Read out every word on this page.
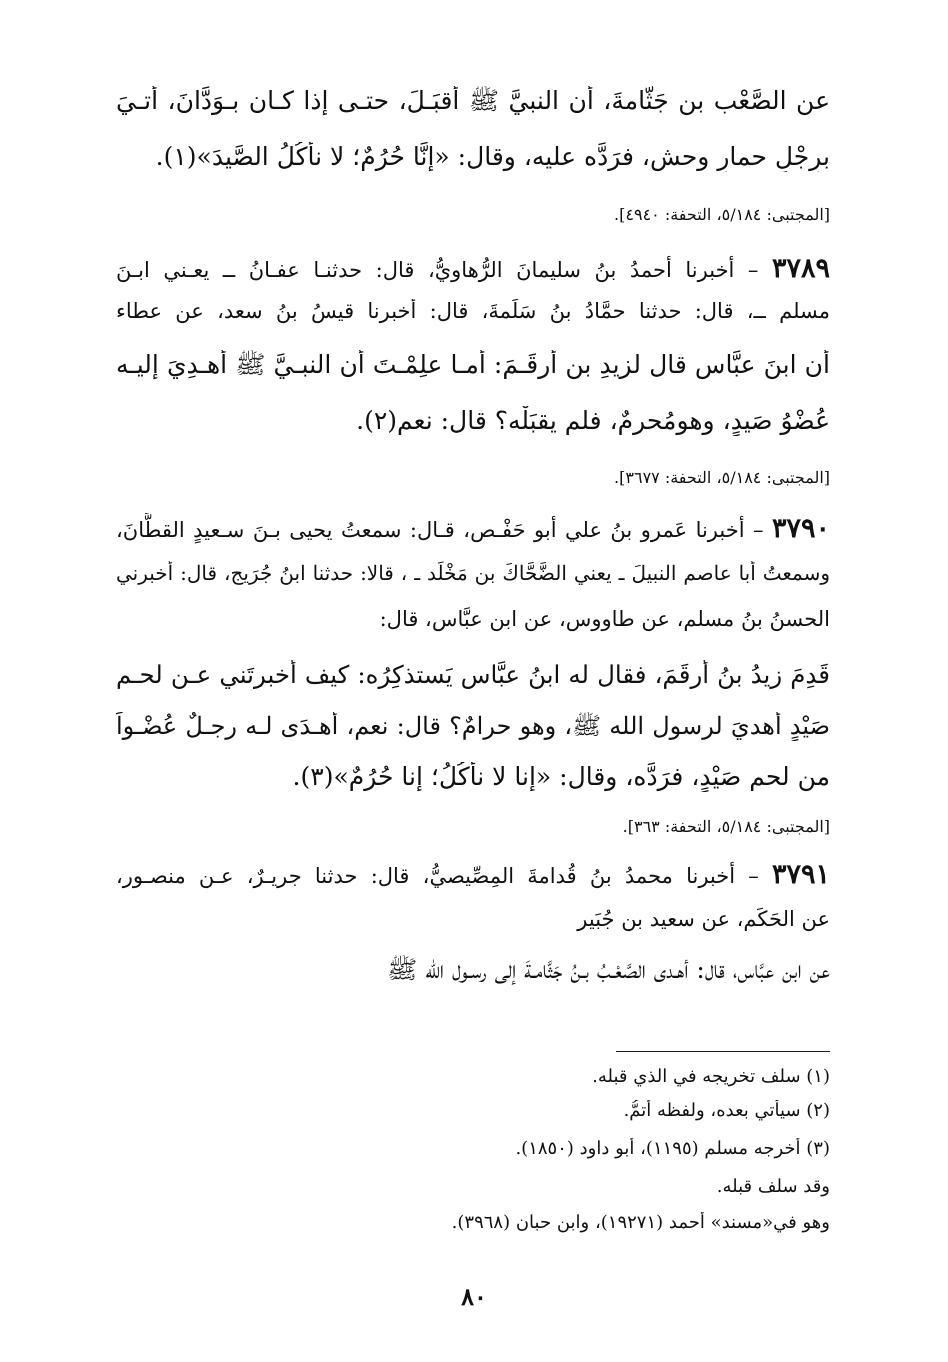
عن الصَّعْب بن جَثَّامةَ، أن النبيَّ ﷺ أقبَـلَ، حتـى إذا كـان بـوَدَّانَ، أُتـيَ
برِجْلِ حمارِ وحشٍ، فرَدَّه عليه، وقال: «إنَّا حُرُمٌ؛ لا نأكُلُ الصَّيدَ»(١).
[المجتبى: ٥/١٨٤، التحفة: ٤٩٤٠].
٣٧٨٩ – أخبرنا أحمدُ بنُ سليمانَ الرُّهاويُّ، قال: حدثنـا عفـانُ ــ يعـني ابـنَ
مسلم ــ، قال: حدثنا حمَّادُ بنُ سَلَمةَ، قال: أخبرنا قيسُ بنُ سعد، عن عطاء
أن ابنَ عبَّاس قال لزيدِ بن أرقَـمَ: أمـا علِمْـتَ أن النبـيَّ ﷺ أُهـدِيَ إليـه
عُضْوُ صَيدٍ، وهومُحرمٌ، فلم يقبَلْه؟ قال: نعم(٢).
[المجتبى: ٥/١٨٤، التحفة: ٣٦٧٧].
٣٧٩٠ – أخبرنا عَمرو بنُ علي أبو حَفْـص، قـال: سمعتُ يحيى بـنَ سـعيدٍ القطَّانَ،
وسمعتُ أبا عاصمٍ النبيلَ ـ يعني الضَّحَّاكَ بن مَخْلَد ـ ، قالا: حدثنا ابنُ جُرَيج، قال: أخبرني
الحسنُ بنُ مسلم، عن طاووسٍ، عن ابن عبَّاس، قال:
قَدِمَ زيدُ بنُ أرقَمَ، فقال له ابنُ عبَّاس يَستذكِرُه: كيف أخبرتَني عـن لحـم
صَيْدٍ أُهديَ لرسول الله ﷺ، وهو حرامٌ؟ قال: نعم، أهـدَى لـه رجـلٌ عُضْـواً
من لحم صَيْدٍ، فرَدَّه، وقال: «إنا لا نأكُلُ؛ إنا حُرُمٌ»(٣).
[المجتبى: ٥/١٨٤، التحفة: ٣٦٣].
٣٧٩١ – أخبرنا محمدُ بنُ قُدامةَ المِصِّيصيُّ، قال: حدثنا جريـرٌ، عـن منصـور،
عن الحَكَم، عن سعيد بن جُبَير
عن ابن عبَّاس، قال: أهـدى الصَّعْـبُ بـنُ جَثَّامـةَ إلى رسـول الله ﷺ
(١) سلف تخريجه في الذي قبله.
(٢) سيأتي بعده، ولفظه أتمُّ.
(٣) أخرجه مسلم (١١٩٥)، أبو داود (١٨٥٠).
وقد سلف قبله.
وهو في«مسند» أحمد (١٩٢٧١)، وابن حبان (٣٩٦٨).
٨٠
